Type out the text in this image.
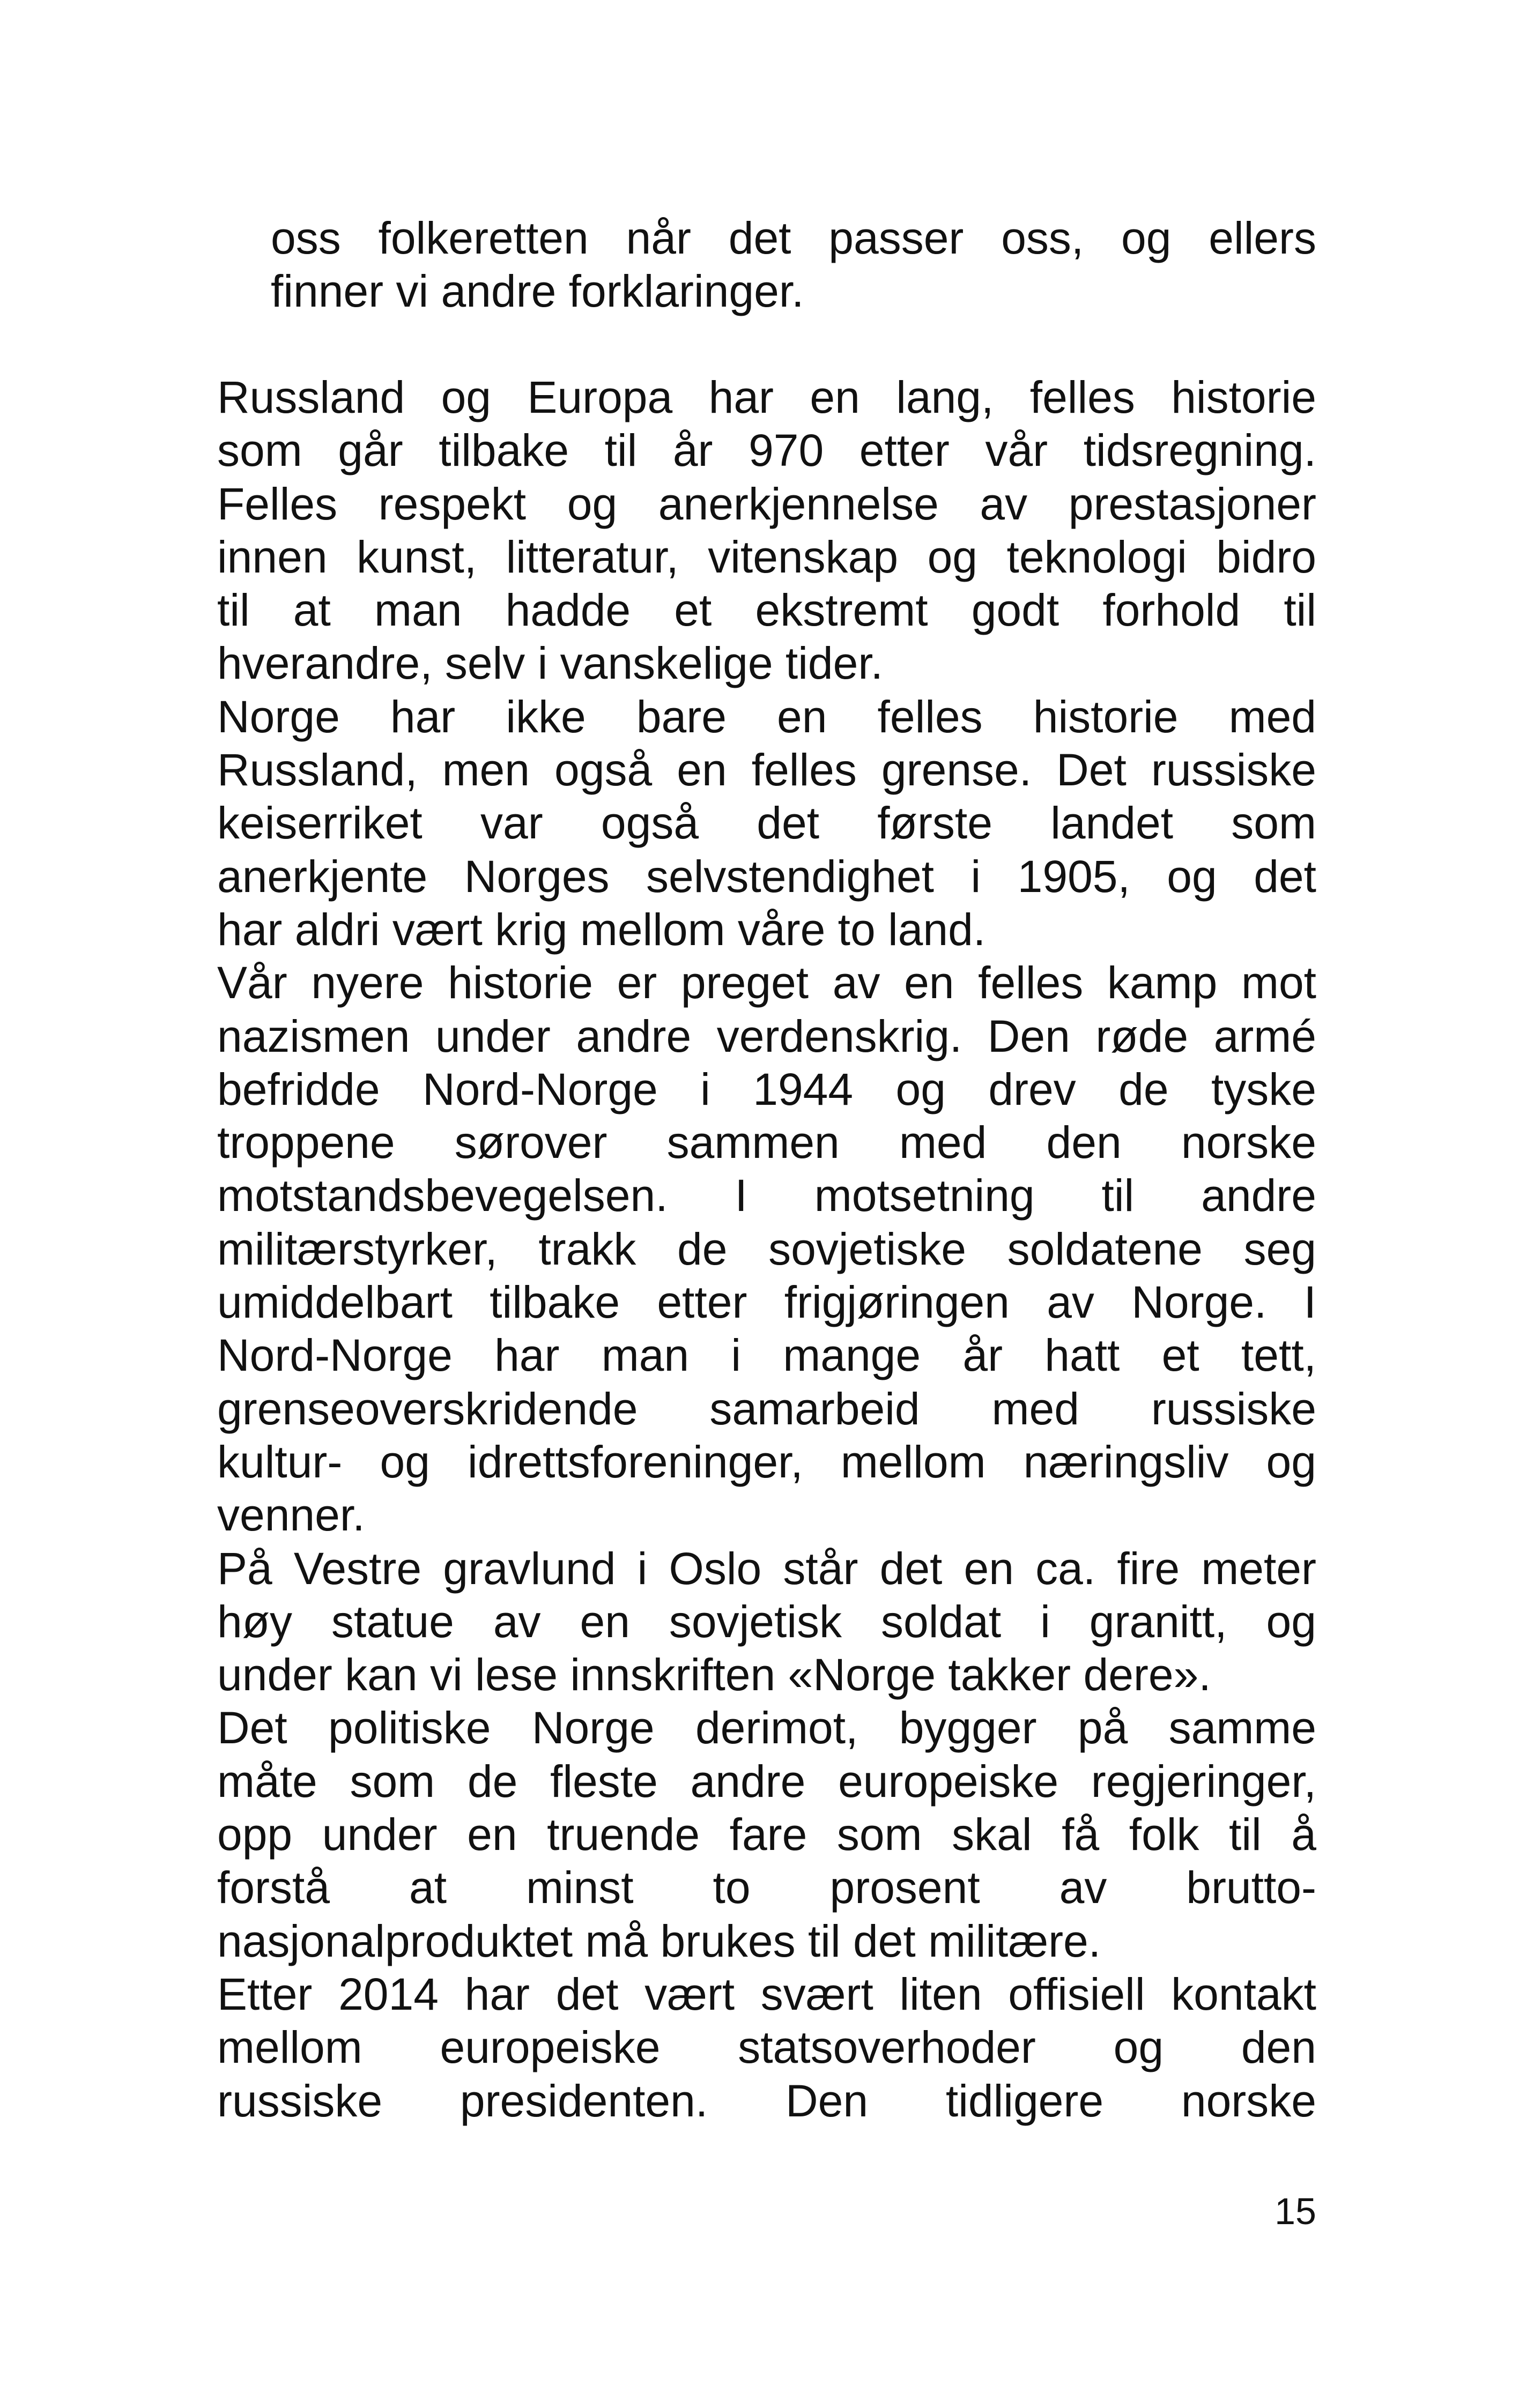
oss folkeretten når det passer oss, og ellers
finner vi andre forklaringer.
Russland og Europa har en lang, felles historie
som går tilbake til år 970 etter vår tidsregning.
Felles respekt og anerkjennelse av prestasjoner
innen kunst, litteratur, vitenskap og teknologi bidro
til at man hadde et ekstremt godt forhold til
hverandre, selv i vanskelige tider.
Norge har ikke bare en felles historie med
Russland, men også en felles grense. Det russiske
keiserriket var også det første landet som
anerkjente Norges selvstendighet i 1905, og det
har aldri vært krig mellom våre to land.
Vår nyere historie er preget av en felles kamp mot
nazismen under andre verdenskrig. Den røde armé
befridde Nord-Norge i 1944 og drev de tyske
troppene sørover sammen med den norske
motstandsbevegelsen. I motsetning til andre
militærstyrker, trakk de sovjetiske soldatene seg
umiddelbart tilbake etter frigjøringen av Norge. I
Nord-Norge har man i mange år hatt et tett,
grenseoverskridende samarbeid med russiske
kultur- og idrettsforeninger, mellom næringsliv og
venner.
På Vestre gravlund i Oslo står det en ca. fire meter
høy statue av en sovjetisk soldat i granitt, og
under kan vi lese innskriften «Norge takker dere».
Det politiske Norge derimot, bygger på samme
måte som de fleste andre europeiske regjeringer,
opp under en truende fare som skal få folk til å
forstå at minst to prosent av brutto-
nasjonalproduktet må brukes til det militære.
Etter 2014 har det vært svært liten offisiell kontakt
mellom europeiske statsoverhoder og den
russiske presidenten. Den tidligere norske
15
